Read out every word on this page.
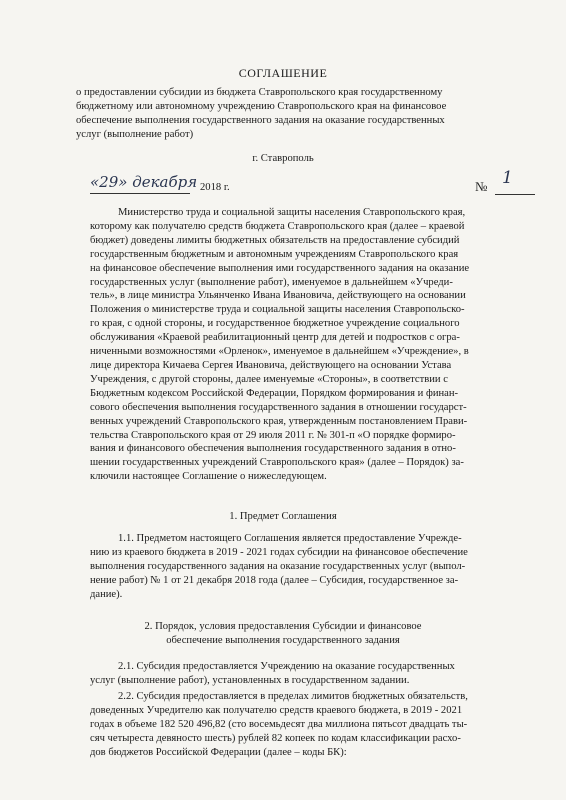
СОГЛАШЕНИЕ
о предоставлении субсидии из бюджета Ставропольского края государственному
бюджетному или автономному учреждению Ставропольского края на финансовое
обеспечение выполнения государственного задания на оказание государственных
услуг (выполнение работ)
г. Ставрополь
«29» декабря 2018 г.	№ 1
Министерство труда и социальной защиты населения Ставропольского края,
которому как получателю средств бюджета Ставропольского края (далее – краевой
бюджет) доведены лимиты бюджетных обязательств на предоставление субсидий
государственным бюджетным и автономным учреждениям Ставропольского края
на финансовое обеспечение выполнения ими государственного задания на оказание
государственных услуг (выполнение работ), именуемое в дальнейшем «Учреди-
тель», в лице министра Ульянченко Ивана Ивановича, действующего на основании
Положения о министерстве труда и социальной защиты населения Ставропольско-
го края, с одной стороны, и государственное бюджетное учреждение социального
обслуживания «Краевой реабилитационный центр для детей и подростков с огра-
ниченными возможностями «Орленок», именуемое в дальнейшем «Учреждение», в
лице директора Кичаева Сергея Ивановича, действующего на основании Устава
Учреждения, с другой стороны, далее именуемые «Стороны», в соответствии с
Бюджетным кодексом Российской Федерации, Порядком формирования и финан-
сового обеспечения выполнения государственного задания в отношении государст-
венных учреждений Ставропольского края, утвержденным постановлением Прави-
тельства Ставропольского края от 29 июля 2011 г. № 301-п «О порядке формиро-
вания и финансового обеспечения выполнения государственного задания в отно-
шении государственных учреждений Ставропольского края» (далее – Порядок) за-
ключили настоящее Соглашение о нижеследующем.
1. Предмет Соглашения
1.1. Предметом настоящего Соглашения является предоставление Учрежде-
нию из краевого бюджета в 2019 - 2021 годах субсидии на финансовое обеспечение
выполнения государственного задания на оказание государственных услуг (выпол-
нение работ) № 1 от 21 декабря 2018 года (далее – Субсидия, государственное за-
дание).
2. Порядок, условия предоставления Субсидии и финансовое
обеспечение выполнения государственного задания
2.1. Субсидия предоставляется Учреждению на оказание государственных
услуг (выполнение работ), установленных в государственном задании.
2.2. Субсидия предоставляется в пределах лимитов бюджетных обязательств,
доведенных Учредителю как получателю средств краевого бюджета, в 2019 - 2021
годах в объеме 182 520 496,82 (сто восемьдесят два миллиона пятьсот двадцать ты-
сяч четыреста девяносто шесть) рублей 82 копеек по кодам классификации расхо-
дов бюджетов Российской Федерации (далее – коды БК):
